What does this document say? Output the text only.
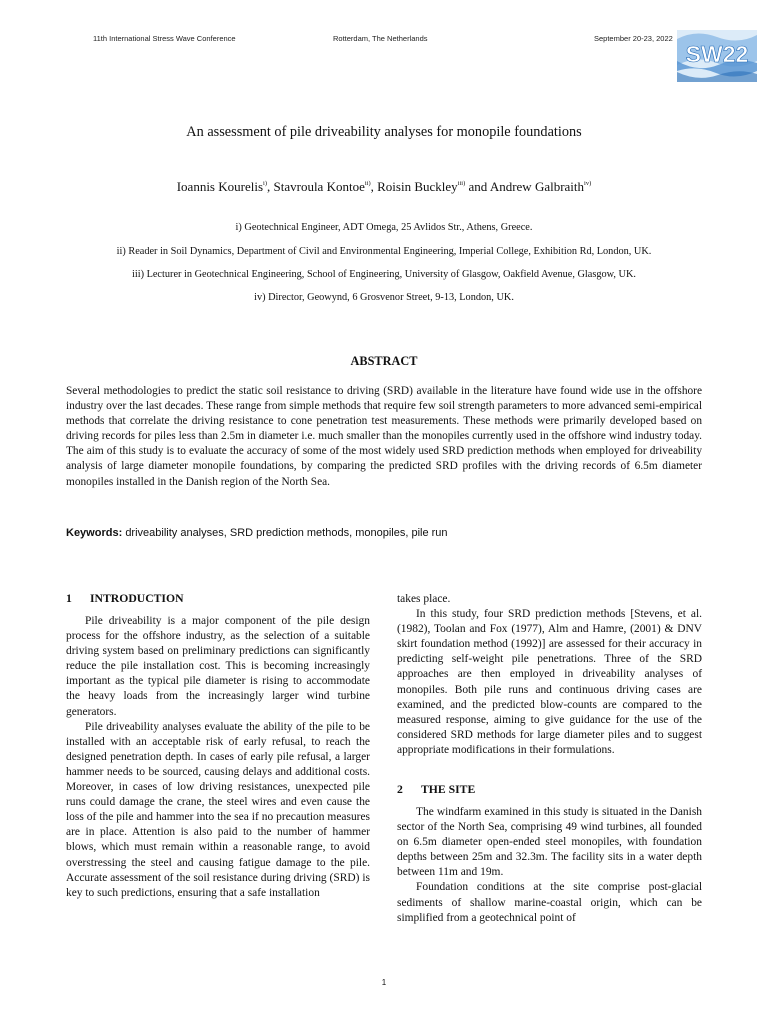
11th International Stress Wave Conference	Rotterdam, The Netherlands	September 20-23, 2022
SW22
An assessment of pile driveability analyses for monopile foundations
Ioannis Kourelis$^{i)}$, Stavroula Kontoe$^{ii)}$, Roisin Buckley$^{iii)}$ and Andrew Galbraith$^{iv)}$
i) Geotechnical Engineer, ADT Omega, 25 Avlidos Str., Athens, Greece.
ii) Reader in Soil Dynamics, Department of Civil and Environmental Engineering, Imperial College, Exhibition Rd, London, UK.
iii) Lecturer in Geotechnical Engineering, School of Engineering, University of Glasgow, Oakfield Avenue, Glasgow, UK.
iv) Director, Geowynd, 6 Grosvenor Street, 9-13, London, UK.
ABSTRACT
Several methodologies to predict the static soil resistance to driving (SRD) available in the literature have found wide use in the offshore industry over the last decades. These range from simple methods that require few soil strength parameters to more advanced semi-empirical methods that correlate the driving resistance to cone penetration test measurements. These methods were primarily developed based on driving records for piles less than 2.5m in diameter i.e. much smaller than the monopiles currently used in the offshore wind industry today. The aim of this study is to evaluate the accuracy of some of the most widely used SRD prediction methods when employed for driveability analysis of large diameter monopile foundations, by comparing the predicted SRD profiles with the driving records of 6.5m diameter monopiles installed in the Danish region of the North Sea.
Keywords: driveability analyses, SRD prediction methods, monopiles, pile run
1 INTRODUCTION

Pile driveability is a major component of the pile design process for the offshore industry, as the selection of a suitable driving system based on preliminary predictions can significantly reduce the pile installation cost. This is becoming increasingly important as the typical pile diameter is rising to accommodate the heavy loads from the increasingly larger wind turbine generators.

Pile driveability analyses evaluate the ability of the pile to be installed with an acceptable risk of early refusal, to reach the designed penetration depth. In cases of early pile refusal, a larger hammer needs to be sourced, causing delays and additional costs. Moreover, in cases of low driving resistances, unexpected pile runs could damage the crane, the steel wires and even cause the loss of the pile and hammer into the sea if no precaution measures are in place. Attention is also paid to the number of hammer blows, which must remain within a reasonable range, to avoid overstressing the steel and causing fatigue damage to the pile. Accurate assessment of the soil resistance during driving (SRD) is key to such predictions, ensuring that a safe installation

takes place.

In this study, four SRD prediction methods [Stevens, et al. (1982), Toolan and Fox (1977), Alm and Hamre, (2001) & DNV skirt foundation method (1992)] are assessed for their accuracy in predicting self-weight pile penetrations. Three of the SRD approaches are then employed in driveability analyses of monopiles. Both pile runs and continuous driving cases are examined, and the predicted blow-counts are compared to the measured response, aiming to give guidance for the use of the considered SRD methods for large diameter piles and to suggest appropriate modifications in their formulations.

2 THE SITE

The windfarm examined in this study is situated in the Danish sector of the North Sea, comprising 49 wind turbines, all founded on 6.5m diameter open-ended steel monopiles, with foundation depths between 25m and 32.3m. The facility sits in a water depth between 11m and 19m.

Foundation conditions at the site comprise post-glacial sediments of shallow marine-coastal origin, which can be simplified from a geotechnical point of

1
